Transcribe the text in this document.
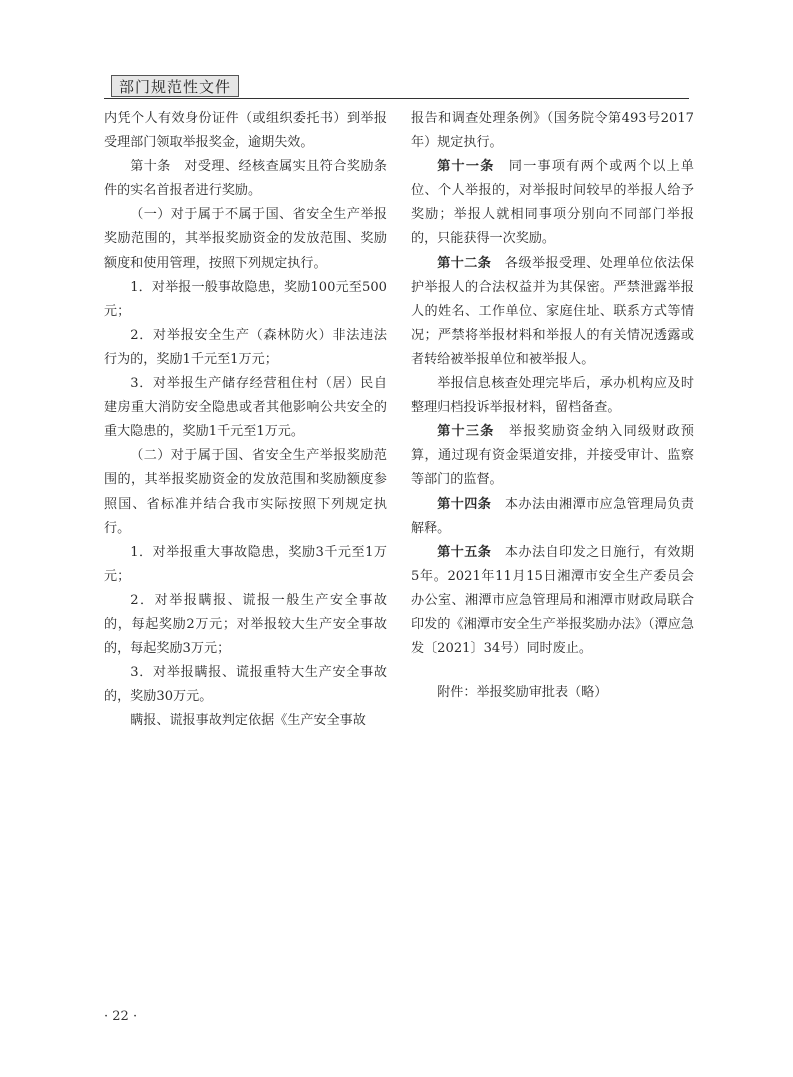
部门规范性文件

内凭个人有效身份证件（或组织委托书）到举报受理部门领取举报奖金，逾期失效。

第十条　对受理、经核查属实且符合奖励条件的实名首报者进行奖励。

（一）对于属于不属于国、省安全生产举报奖励范围的，其举报奖励资金的发放范围、奖励额度和使用管理，按照下列规定执行。

1．对举报一般事故隐患，奖励100元至500元；

2．对举报安全生产（森林防火）非法违法行为的，奖励1千元至1万元；

3．对举报生产储存经营租住村（居）民自建房重大消防安全隐患或者其他影响公共安全的重大隐患的，奖励1千元至1万元。

（二）对于属于国、省安全生产举报奖励范围的，其举报奖励资金的发放范围和奖励额度参照国、省标准并结合我市实际按照下列规定执行。

1．对举报重大事故隐患，奖励3千元至1万元；

2．对举报瞒报、谎报一般生产安全事故的，每起奖励2万元；对举报较大生产安全事故的，每起奖励3万元；

3．对举报瞒报、谎报重特大生产安全事故的，奖励30万元。

瞒报、谎报事故判定依据《生产安全事故

报告和调查处理条例》（国务院令第493号2017年）规定执行。

第十一条　同一事项有两个或两个以上单位、个人举报的，对举报时间较早的举报人给予奖励；举报人就相同事项分别向不同部门举报的，只能获得一次奖励。

第十二条　各级举报受理、处理单位依法保护举报人的合法权益并为其保密。严禁泄露举报人的姓名、工作单位、家庭住址、联系方式等情况；严禁将举报材料和举报人的有关情况透露或者转给被举报单位和被举报人。

举报信息核查处理完毕后，承办机构应及时整理归档投诉举报材料，留档备查。

第十三条　举报奖励资金纳入同级财政预算，通过现有资金渠道安排，并接受审计、监察等部门的监督。

第十四条　本办法由湘潭市应急管理局负责解释。

第十五条　本办法自印发之日施行，有效期5年。2021年11月15日湘潭市安全生产委员会办公室、湘潭市应急管理局和湘潭市财政局联合印发的《湘潭市安全生产举报奖励办法》（潭应急发〔2021〕34号）同时废止。

附件：举报奖励审批表（略）

· 22 ·
